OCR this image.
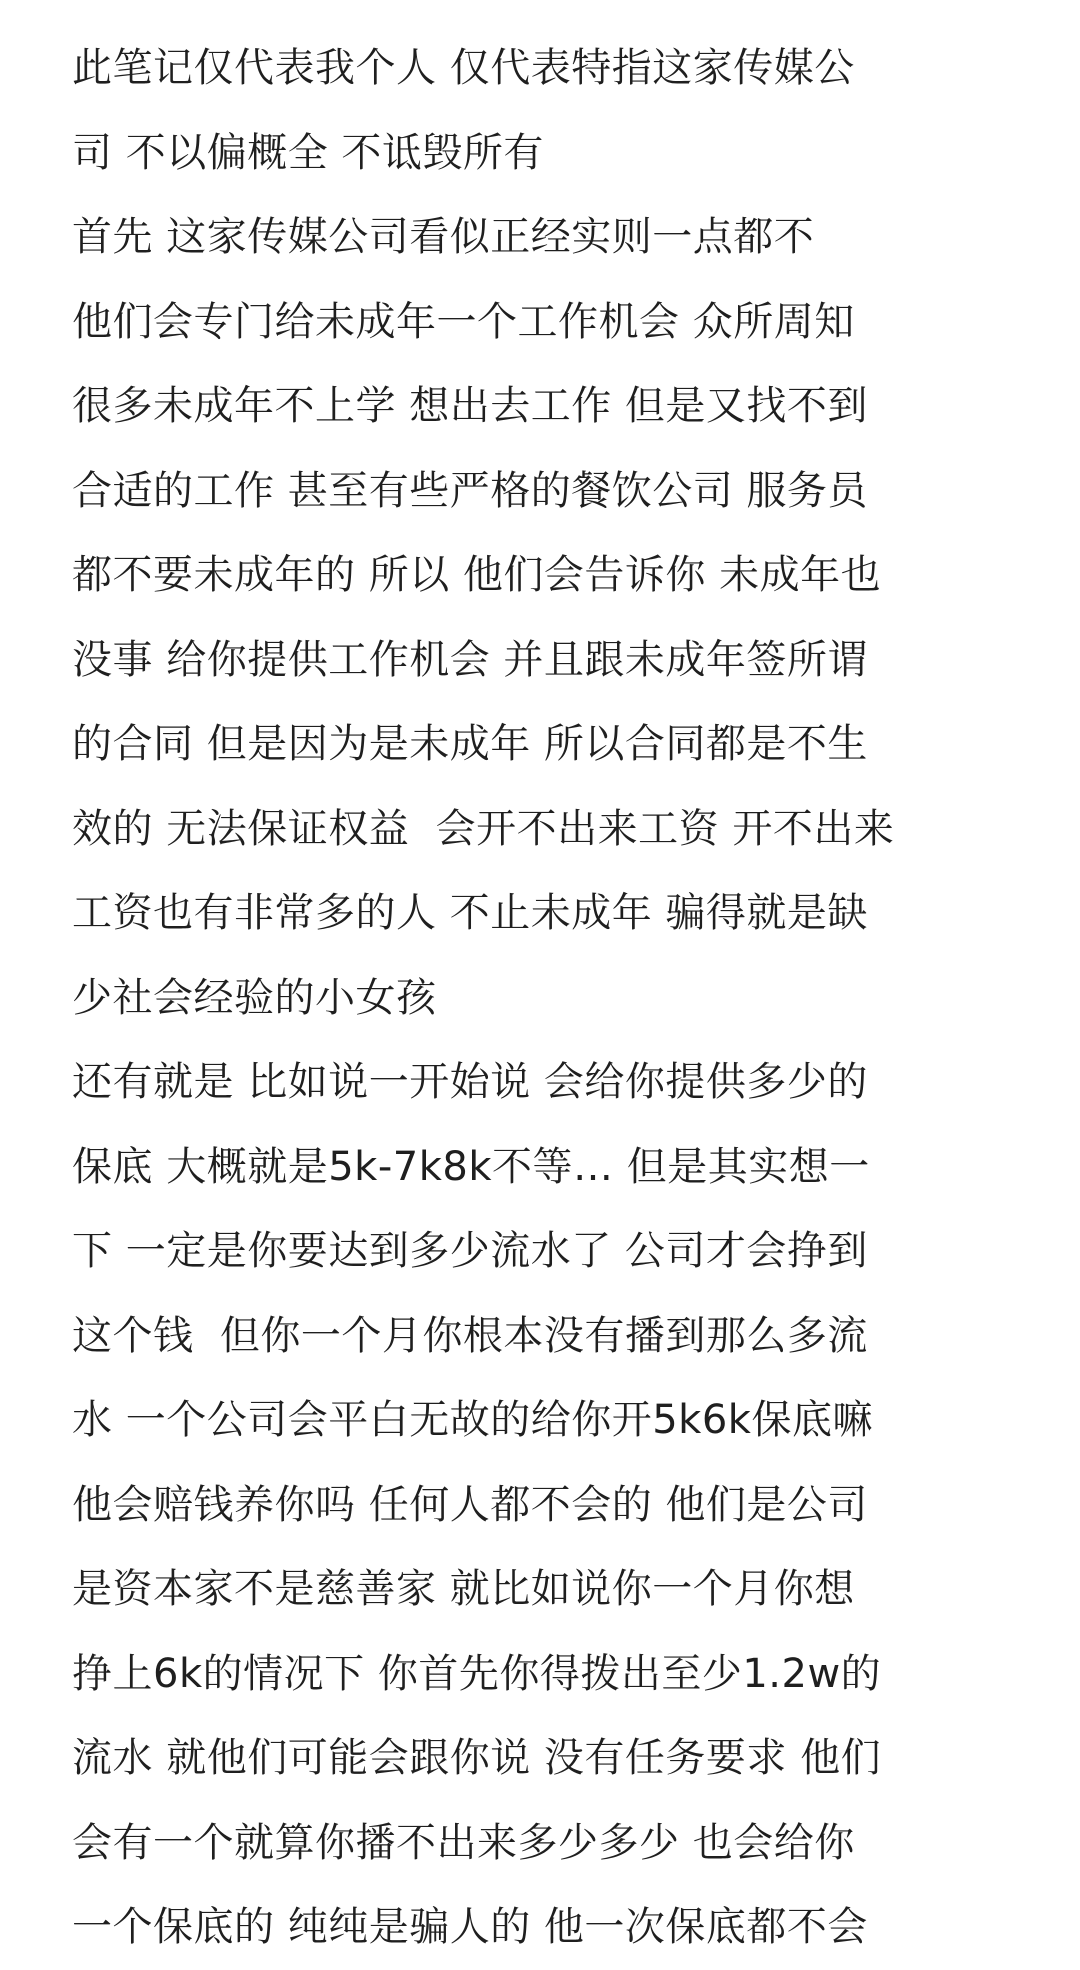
此笔记仅代表我个人 仅代表特指这家传媒公
司 不以偏概全 不诋毁所有
首先 这家传媒公司看似正经实则一点都不
他们会专门给未成年一个工作机会 众所周知
很多未成年不上学 想出去工作 但是又找不到
合适的工作 甚至有些严格的餐饮公司 服务员
都不要未成年的 所以 他们会告诉你 未成年也
没事 给你提供工作机会 并且跟未成年签所谓
的合同 但是因为是未成年 所以合同都是不生
效的 无法保证权益  会开不出来工资 开不出来
工资也有非常多的人 不止未成年 骗得就是缺
少社会经验的小女孩
还有就是 比如说一开始说 会给你提供多少的
保底 大概就是5k-7k8k不等… 但是其实想一
下 一定是你要达到多少流水了 公司才会挣到
这个钱  但你一个月你根本没有播到那么多流
水 一个公司会平白无故的给你开5k6k保底嘛
他会赔钱养你吗 任何人都不会的 他们是公司
是资本家不是慈善家 就比如说你一个月你想
挣上6k的情况下 你首先你得拨出至少1.2w的
流水 就他们可能会跟你说 没有任务要求 他们
会有一个就算你播不出来多少多少 也会给你
一个保底的 纯纯是骗人的 他一次保底都不会
